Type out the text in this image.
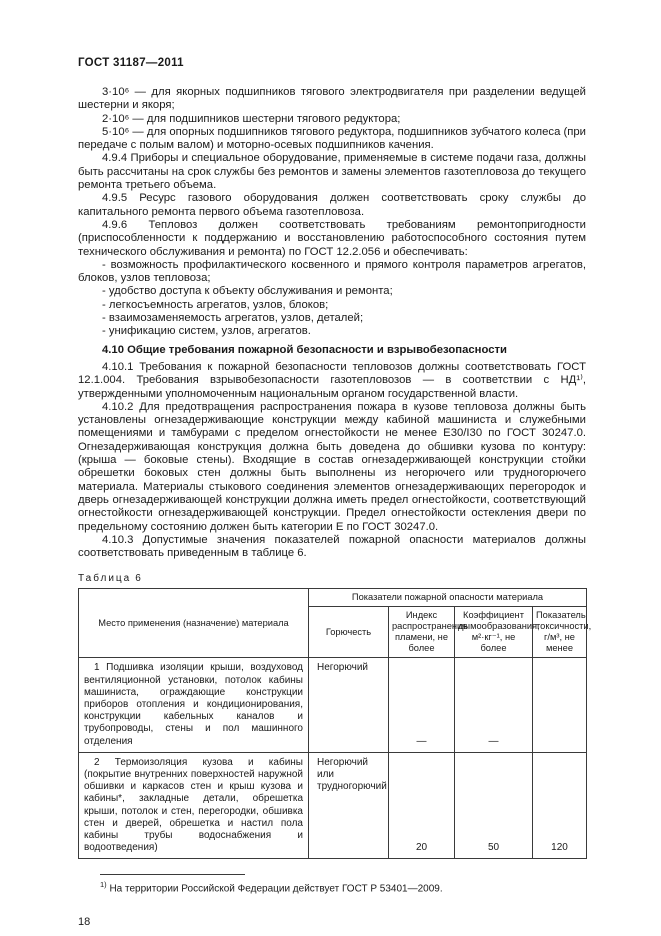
ГОСТ 31187—2011

3·10⁶ — для якорных подшипников тягового электродвигателя при разделении ведущей шестерни и якоря;

2·10⁶ — для подшипников шестерни тягового редуктора;

5·10⁶ — для опорных подшипников тягового редуктора, подшипников зубчатого колеса (при передаче с полым валом) и моторно-осевых подшипников качения.

4.9.4 Приборы и специальное оборудование, применяемые в системе подачи газа, должны быть рассчитаны на срок службы без ремонтов и замены элементов газотепловоза до текущего ремонта третьего объема.

4.9.5 Ресурс газового оборудования должен соответствовать сроку службы до капитального ремонта первого объема газотепловоза.

4.9.6 Тепловоз должен соответствовать требованиям ремонтопригодности (приспособленности к поддержанию и восстановлению работоспособного состояния путем технического обслуживания и ремонта) по ГОСТ 12.2.056 и обеспечивать:

- возможность профилактического косвенного и прямого контроля параметров агрегатов, блоков, узлов тепловоза;

- удобство доступа к объекту обслуживания и ремонта;

- легкосъемность агрегатов, узлов, блоков;

- взаимозаменяемость агрегатов, узлов, деталей;

- унификацию систем, узлов, агрегатов.

4.10 Общие требования пожарной безопасности и взрывобезопасности

4.10.1 Требования к пожарной безопасности тепловозов должны соответствовать ГОСТ 12.1.004. Требования взрывобезопасности газотепловозов — в соответствии с НД¹⁾, утвержденными уполномоченным национальным органом государственной власти.

4.10.2 Для предотвращения распространения пожара в кузове тепловоза должны быть установлены огнезадерживающие конструкции между кабиной машиниста и служебными помещениями и тамбурами с пределом огнестойкости не менее E30/I30 по ГОСТ 30247.0. Огнезадерживающая конструкция должна быть доведена до обшивки кузова по контуру: (крыша — боковые стены). Входящие в состав огнезадерживающей конструкции стойки обрешетки боковых стен должны быть выполнены из негорючего или трудногорючего материала. Материалы стыкового соединения элементов огнезадерживающих перегородок и дверь огнезадерживающей конструкции должна иметь предел огнестойкости, соответствующий огнестойкости огнезадерживающей конструкции. Предел огнестойкости остекления двери по предельному состоянию должен быть категории E по ГОСТ 30247.0.

4.10.3 Допустимые значения показателей пожарной опасности материалов должны соответствовать приведенным в таблице 6.

Таблица 6
Место применения (назначение) материала	Показатели пожарной опасности материала			
	Горючесть	Индекс распространения пламени, не более	Коэффициент дымообразования, м²·кг⁻¹, не более	Показатель токсичности, г/м³, не менее
1 Подшивка изоляции крыши, воздуховод вентиляционной установки, потолок кабины машиниста, ограждающие конструкции приборов отопления и кондиционирования, конструкции кабельных каналов и трубопроводы, стены и пол машинного отделения	Негорючий	—	—	
2 Термоизоляция кузова и кабины (покрытие внутренних поверхностей наружной обшивки и каркасов стен и крыш кузова и кабины*, закладные детали, обрешетка крыши, потолок и стен, перегородки, обшивка стен и дверей, обрешетка и настил пола кабины трубы водоснабжения и водоотведения)	Негорючий или трудногорючий	20	50	120
$^{1)}$ На территории Российской Федерации действует ГОСТ Р 53401—2009.
18
